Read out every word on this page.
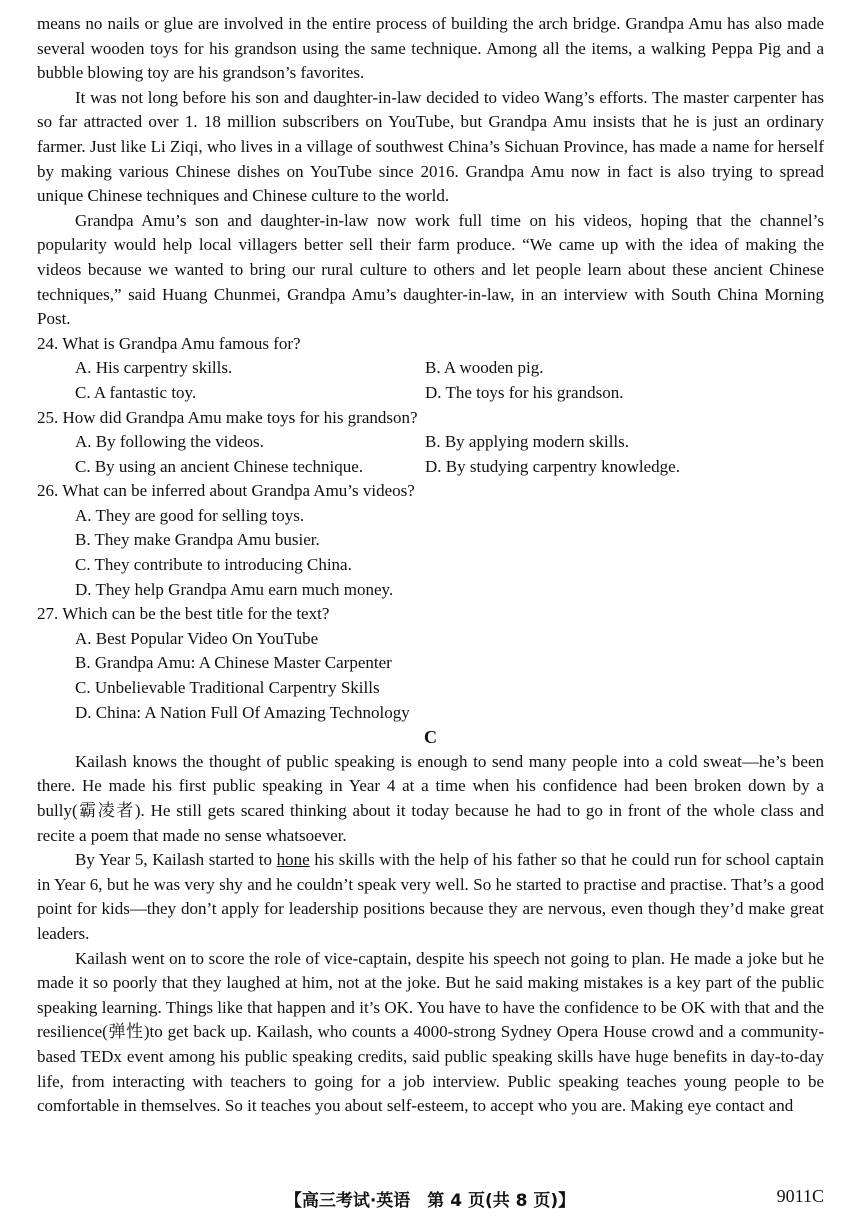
means no nails or glue are involved in the entire process of building the arch bridge. Grandpa Amu has also made several wooden toys for his grandson using the same technique. Among all the items, a walking Peppa Pig and a bubble blowing toy are his grandson’s favorites.

It was not long before his son and daughter-in-law decided to video Wang’s efforts. The master carpenter has so far attracted over 1. 18 million subscribers on YouTube, but Grandpa Amu insists that he is just an ordinary farmer. Just like Li Ziqi, who lives in a village of southwest China’s Sichuan Province, has made a name for herself by making various Chinese dishes on YouTube since 2016. Grandpa Amu now in fact is also trying to spread unique Chinese techniques and Chinese culture to the world.

Grandpa Amu’s son and daughter-in-law now work full time on his videos, hoping that the channel’s popularity would help local villagers better sell their farm produce. “We came up with the idea of making the videos because we wanted to bring our rural culture to others and let people learn about these ancient Chinese techniques,” said Huang Chunmei, Grandpa Amu’s daughter-in-law, in an interview with South China Morning Post.

24. What is Grandpa Amu famous for?

A. His carpentry skills.	B. A wooden pig.
C. A fantastic toy.	D. The toys for his grandson.

25. How did Grandpa Amu make toys for his grandson?

A. By following the videos.	B. By applying modern skills.
C. By using an ancient Chinese technique.	D. By studying carpentry knowledge.

26. What can be inferred about Grandpa Amu’s videos?

A. They are good for selling toys.
B. They make Grandpa Amu busier.
C. They contribute to introducing China.
D. They help Grandpa Amu earn much money.

27. Which can be the best title for the text?

A. Best Popular Video On YouTube
B. Grandpa Amu: A Chinese Master Carpenter
C. Unbelievable Traditional Carpentry Skills
D. China: A Nation Full Of Amazing Technology

C

Kailash knows the thought of public speaking is enough to send many people into a cold sweat—he’s been there. He made his first public speaking in Year 4 at a time when his confidence had been broken down by a bully(霸凌者). He still gets scared thinking about it today because he had to go in front of the whole class and recite a poem that made no sense whatsoever.

By Year 5, Kailash started to hone his skills with the help of his father so that he could run for school captain in Year 6, but he was very shy and he couldn’t speak very well. So he started to practise and practise. That’s a good point for kids—they don’t apply for leadership positions because they are nervous, even though they’d make great leaders.

Kailash went on to score the role of vice-captain, despite his speech not going to plan. He made a joke but he made it so poorly that they laughed at him, not at the joke. But he said making mistakes is a key part of the public speaking learning. Things like that happen and it’s OK. You have to have the confidence to be OK with that and the resilience(弹性)to get back up. Kailash, who counts a 4000-strong Sydney Opera House crowd and a community-based TEDx event among his public speaking credits, said public speaking skills have huge benefits in day-to-day life, from interacting with teachers to going for a job interview. Public speaking teaches young people to be comfortable in themselves. So it teaches you about self-esteem, to accept who you are. Making eye contact and

【高三考试·英语　第 4 页(共 8 页)】	9011C
